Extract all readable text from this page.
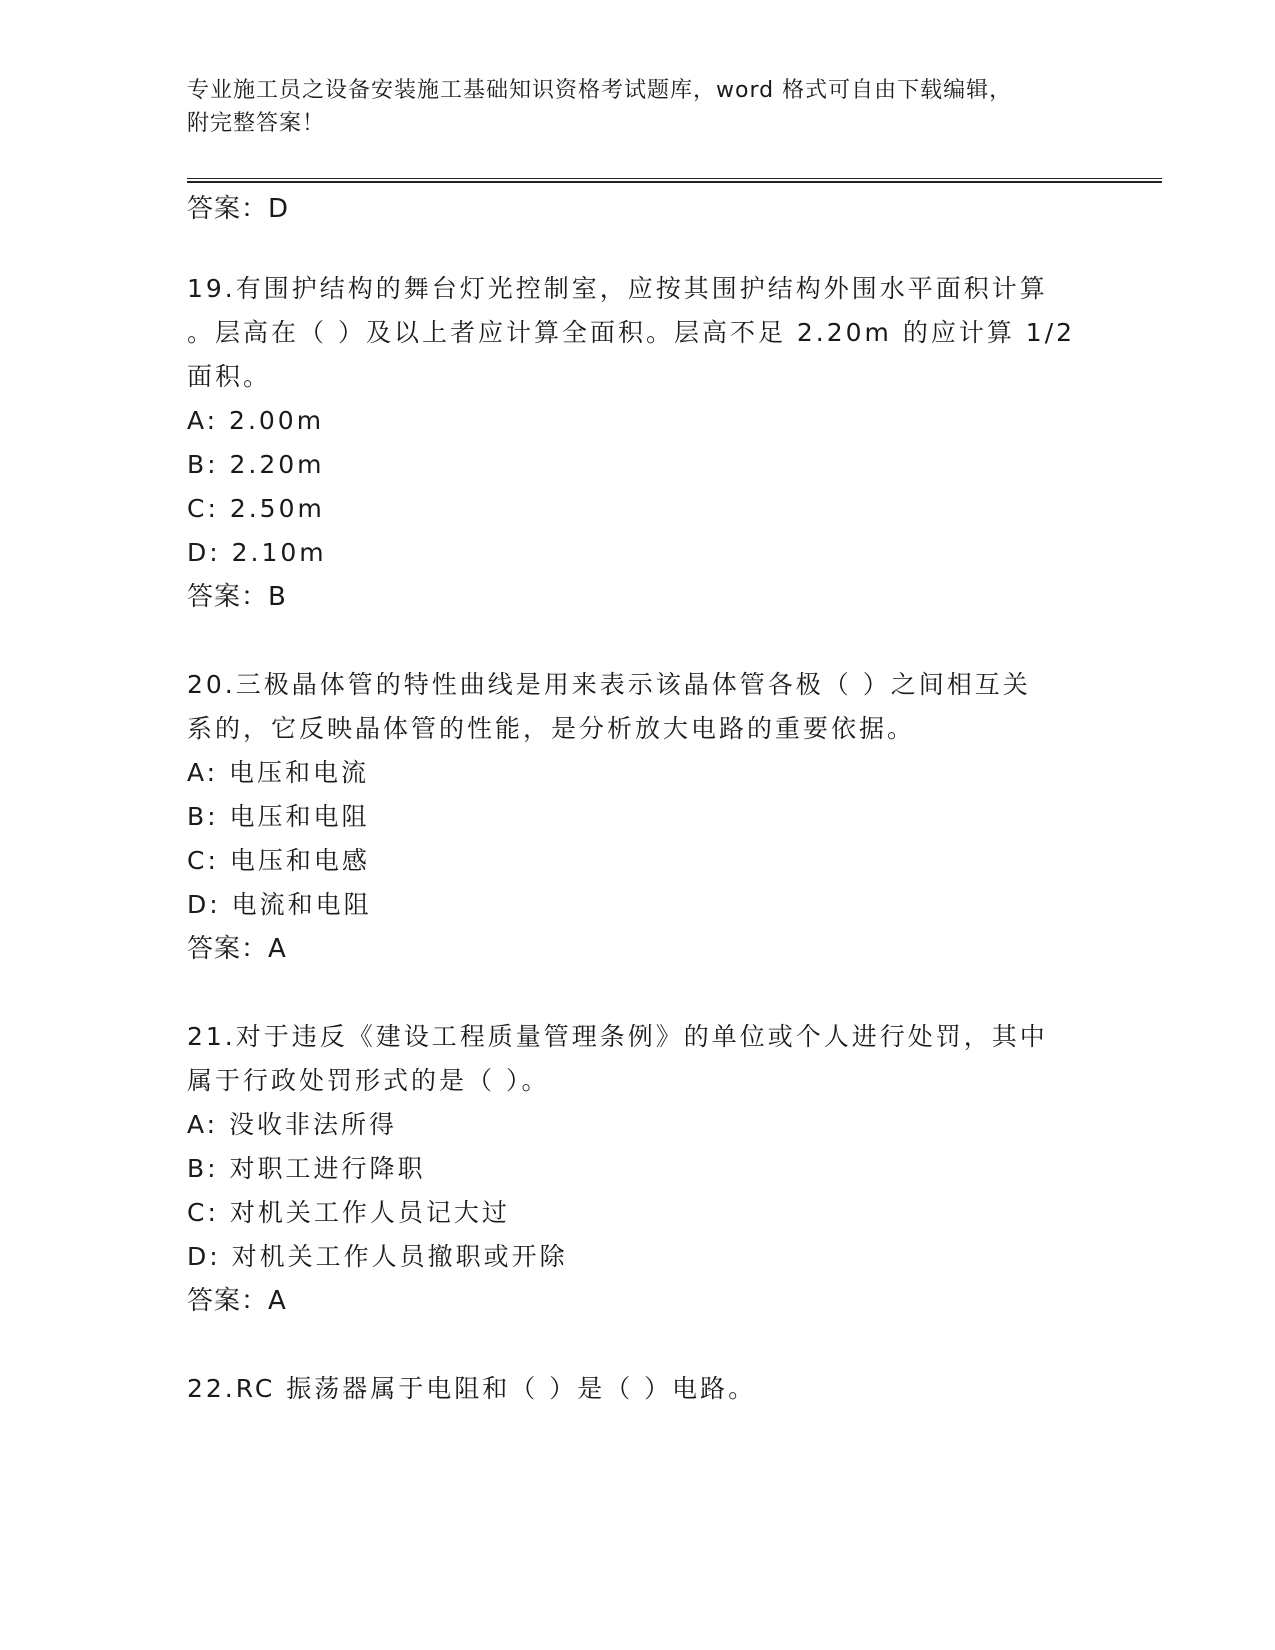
专业施工员之设备安装施工基础知识资格考试题库，word 格式可自由下载编辑，
附完整答案！
答案：D
19.有围护结构的舞台灯光控制室，应按其围护结构外围水平面积计算
。层高在（ ）及以上者应计算全面积。层高不足 2.20m 的应计算 1/2
面积。
A: 2.00m
B: 2.20m
C: 2.50m
D: 2.10m
答案：B
20.三极晶体管的特性曲线是用来表示该晶体管各极（ ）之间相互关
系的，它反映晶体管的性能，是分析放大电路的重要依据。
A: 电压和电流
B: 电压和电阻
C: 电压和电感
D: 电流和电阻
答案：A
21.对于违反《建设工程质量管理条例》的单位或个人进行处罚，其中
属于行政处罚形式的是（ ）。
A: 没收非法所得
B: 对职工进行降职
C: 对机关工作人员记大过
D: 对机关工作人员撤职或开除
答案：A
22.RC 振荡器属于电阻和（ ）是（ ）电路。
